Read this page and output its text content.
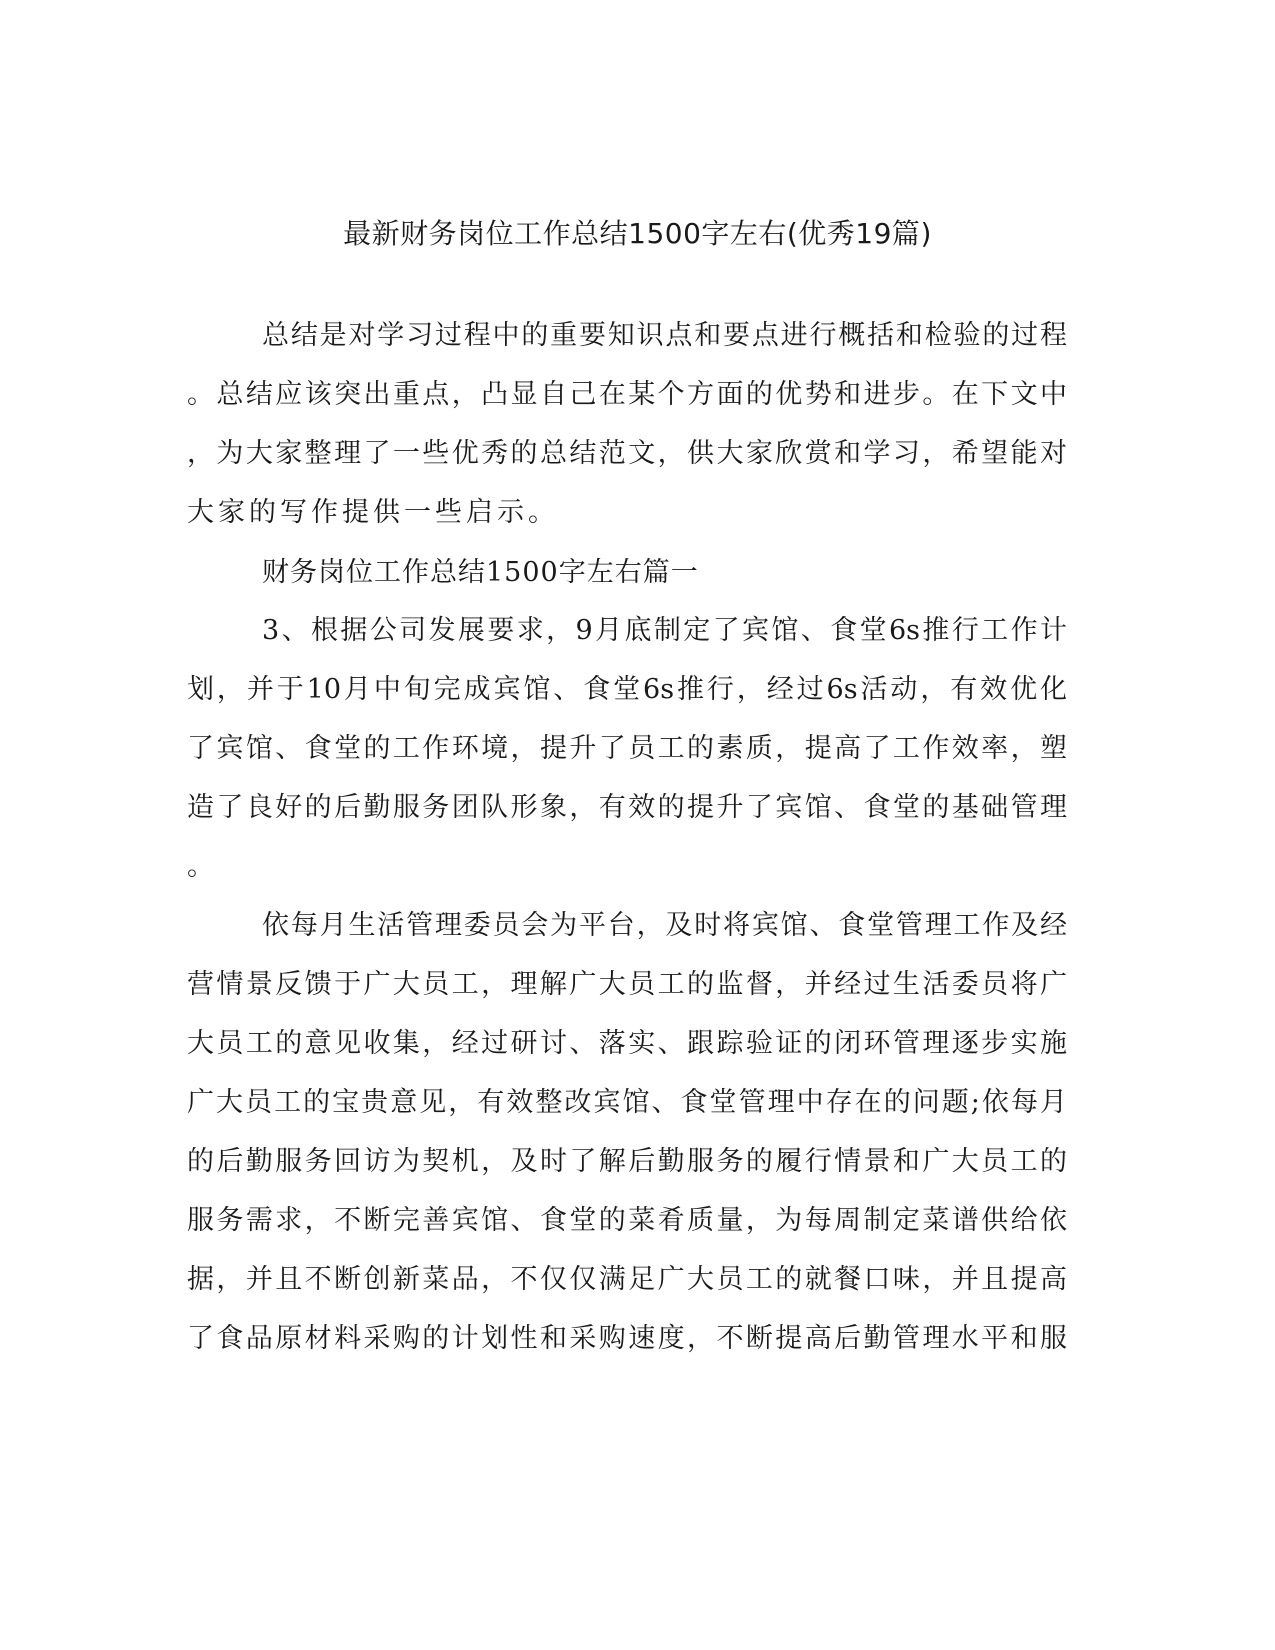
最新财务岗位工作总结1500字左右(优秀19篇)
总结是对学习过程中的重要知识点和要点进行概括和检验的过程
。总结应该突出重点，凸显自己在某个方面的优势和进步。在下文中
，为大家整理了一些优秀的总结范文，供大家欣赏和学习，希望能对
大家的写作提供一些启示。
财务岗位工作总结1500字左右篇一
3、根据公司发展要求，9月底制定了宾馆、食堂6s推行工作计
划，并于10月中旬完成宾馆、食堂6s推行，经过6s活动，有效优化
了宾馆、食堂的工作环境，提升了员工的素质，提高了工作效率，塑
造了良好的后勤服务团队形象，有效的提升了宾馆、食堂的基础管理
。
依每月生活管理委员会为平台，及时将宾馆、食堂管理工作及经
营情景反馈于广大员工，理解广大员工的监督，并经过生活委员将广
大员工的意见收集，经过研讨、落实、跟踪验证的闭环管理逐步实施
广大员工的宝贵意见，有效整改宾馆、食堂管理中存在的问题;依每月
的后勤服务回访为契机，及时了解后勤服务的履行情景和广大员工的
服务需求，不断完善宾馆、食堂的菜肴质量，为每周制定菜谱供给依
据，并且不断创新菜品，不仅仅满足广大员工的就餐口味，并且提高
了食品原材料采购的计划性和采购速度，不断提高后勤管理水平和服
